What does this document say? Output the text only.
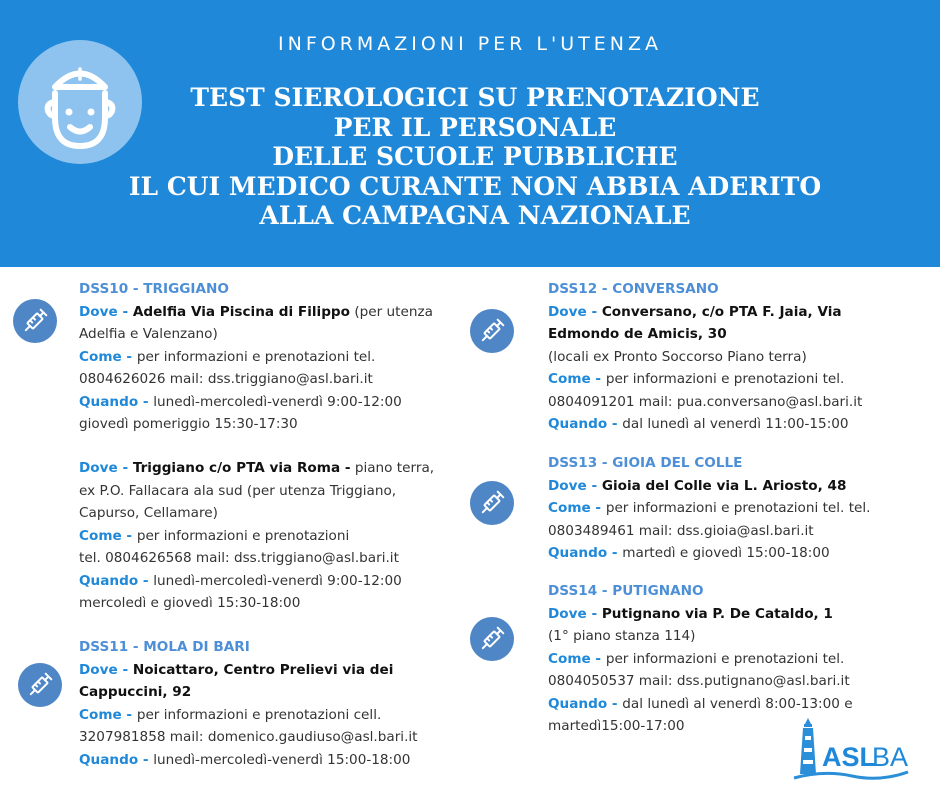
INFORMAZIONI PER L'UTENZA
TEST SIEROLOGICI SU PRENOTAZIONE
PER IL PERSONALE
DELLE SCUOLE PUBBLICHE
IL CUI MEDICO CURANTE NON ABBIA ADERITO
ALLA CAMPAGNA NAZIONALE
DSS10 - TRIGGIANO
Dove - Adelfia Via Piscina di Filippo (per utenza
Adelfia e Valenzano)
Come - per informazioni e prenotazioni tel.
0804626026 mail: dss.triggiano@asl.bari.it
Quando - lunedì-mercoledì-venerdì 9:00-12:00
giovedì pomeriggio 15:30-17:30
Dove - Triggiano c/o PTA via Roma - piano terra,
ex P.O. Fallacara ala sud (per utenza Triggiano,
Capurso, Cellamare)
Come - per informazioni e prenotazioni
tel. 0804626568 mail: dss.triggiano@asl.bari.it
Quando - lunedì-mercoledì-venerdì 9:00-12:00
mercoledì e giovedì 15:30-18:00
DSS11 - MOLA DI BARI
Dove - Noicattaro, Centro Prelievi via dei
Cappuccini, 92
Come - per informazioni e prenotazioni cell.
3207981858 mail: domenico.gaudiuso@asl.bari.it
Quando - lunedì-mercoledì-venerdì 15:00-18:00
DSS12 - CONVERSANO
Dove - Conversano, c/o PTA F. Jaia, Via
Edmondo de Amicis, 30
(locali ex Pronto Soccorso Piano terra)
Come - per informazioni e prenotazioni tel.
0804091201 mail: pua.conversano@asl.bari.it
Quando - dal lunedì al venerdì 11:00-15:00
DSS13 - GIOIA DEL COLLE
Dove - Gioia del Colle via L. Ariosto, 48
Come - per informazioni e prenotazioni tel. tel.
0803489461 mail: dss.gioia@asl.bari.it
Quando - martedì e giovedì 15:00-18:00
DSS14 - PUTIGNANO
Dove - Putignano via P. De Cataldo, 1
(1° piano stanza 114)
Come - per informazioni e prenotazioni tel.
0804050537 mail: dss.putignano@asl.bari.it
Quando - dal lunedì al venerdì 8:00-13:00 e
martedì15:00-17:00
ASL
BA
